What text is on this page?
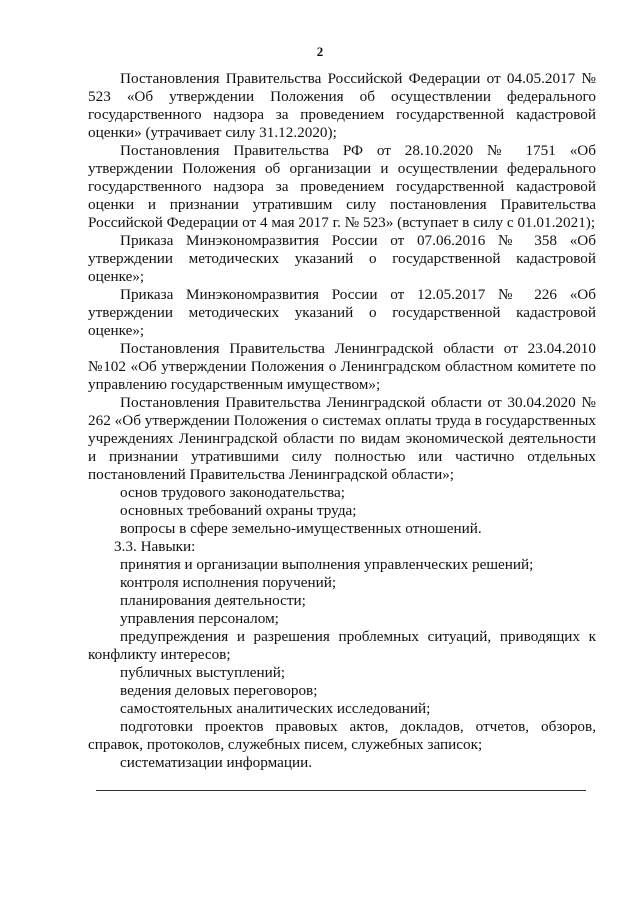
2

Постановления Правительства Российской Федерации от 04.05.2017 № 523 «Об утверждении Положения об осуществлении федерального государственного надзора за проведением государственной кадастровой оценки» (утрачивает силу 31.12.2020);

Постановления Правительства РФ от 28.10.2020 № 1751 «Об утверждении Положения об организации и осуществлении федерального государственного надзора за проведением государственной кадастровой оценки и признании утратившим силу постановления Правительства Российской Федерации от 4 мая 2017 г. № 523» (вступает в силу с 01.01.2021);

Приказа Минэкономразвития России от 07.06.2016 № 358 «Об утверждении методических указаний о государственной кадастровой оценке»;

Приказа Минэкономразвития России от 12.05.2017 № 226 «Об утверждении методических указаний о государственной кадастровой оценке»;

Постановления Правительства Ленинградской области от 23.04.2010 №102 «Об утверждении Положения о Ленинградском областном комитете по управлению государственным имуществом»;

Постановления Правительства Ленинградской области от 30.04.2020 № 262 «Об утверждении Положения о системах оплаты труда в государственных учреждениях Ленинградской области по видам экономической деятельности и признании утратившими силу полностью или частично отдельных постановлений Правительства Ленинградской области»;

основ трудового законодательства;

основных требований охраны труда;

вопросы в сфере земельно-имущественных отношений.

3.3. Навыки:

принятия и организации выполнения управленческих решений;

контроля исполнения поручений;

планирования деятельности;

управления персоналом;

предупреждения и разрешения проблемных ситуаций, приводящих к конфликту интересов;

публичных выступлений;

ведения деловых переговоров;

самостоятельных аналитических исследований;

подготовки проектов правовых актов, докладов, отчетов, обзоров, справок, протоколов, служебных писем, служебных записок;

систематизации информации.
